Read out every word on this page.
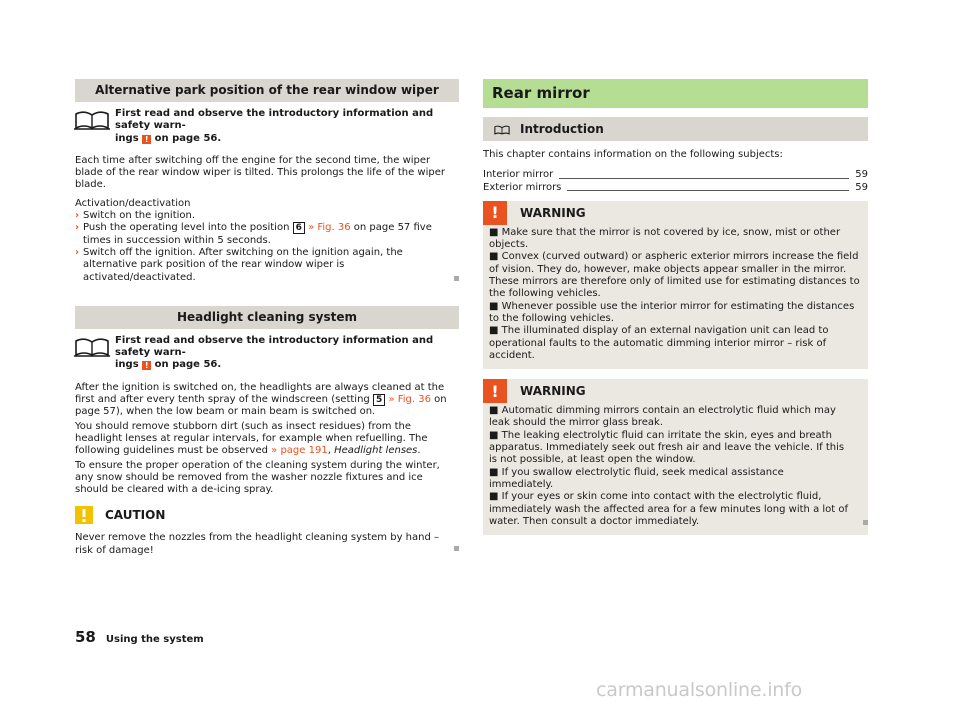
Alternative park position of the rear window wiper
First read and observe the introductory information and safety warn-
ings ! on page 56.

Each time after switching off the engine for the second time, the wiper blade of the rear window wiper is tilted. This prolongs the life of the wiper blade.

Activation/deactivation

› Switch on the ignition.
› Push the operating level into the position 6 » Fig. 36 on page 57 five times in succession within 5 seconds.
› Switch off the ignition. After switching on the ignition again, the alternative park position of the rear window wiper is activated/deactivated.
Headlight cleaning system
First read and observe the introductory information and safety warn-
ings ! on page 56.

After the ignition is switched on, the headlights are always cleaned at the first and after every tenth spray of the windscreen (setting 5 » Fig. 36 on page 57), when the low beam or main beam is switched on.

You should remove stubborn dirt (such as insect residues) from the headlight lenses at regular intervals, for example when refuelling. The following guidelines must be observed » page 191, Headlight lenses.

To ensure the proper operation of the cleaning system during the winter, any snow should be removed from the washer nozzle fixtures and ice should be cleared with a de-icing spray.

CAUTION

Never remove the nozzles from the headlight cleaning system by hand – risk of damage!

Rear mirror
Introduction

This chapter contains information on the following subjects:

Interior mirror	59
Exterior mirrors	59
!	WARNING
■ Make sure that the mirror is not covered by ice, snow, mist or other objects.
■ Convex (curved outward) or aspheric exterior mirrors increase the field of vision. They do, however, make objects appear smaller in the mirror. These mirrors are therefore only of limited use for estimating distances to the following vehicles.
■ Whenever possible use the interior mirror for estimating the distances to the following vehicles.
■ The illuminated display of an external navigation unit can lead to operational faults to the automatic dimming interior mirror – risk of accident.
!	WARNING
■ Automatic dimming mirrors contain an electrolytic fluid which may leak should the mirror glass break.
■ The leaking electrolytic fluid can irritate the skin, eyes and breath apparatus. Immediately seek out fresh air and leave the vehicle. If this is not possible, at least open the window.
■ If you swallow electrolytic fluid, seek medical assistance immediately.
■ If your eyes or skin come into contact with the electrolytic fluid, immediately wash the affected area for a few minutes long with a lot of water. Then consult a doctor immediately.
58 Using the system
carmanualsonline.info
